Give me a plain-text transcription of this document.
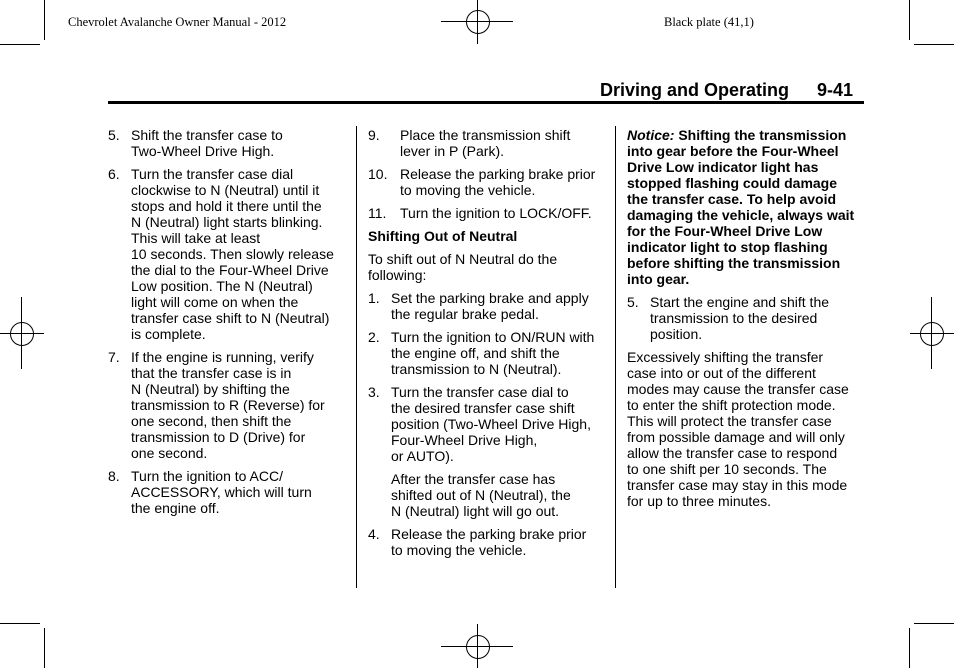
Chevrolet Avalanche Owner Manual - 2012	Black plate (41,1)
Driving and Operating 9-41
5. Shift the transfer case to
Two-Wheel Drive High.
6. Turn the transfer case dial
clockwise to N (Neutral) until it
stops and hold it there until the
N (Neutral) light starts blinking.
This will take at least
10 seconds. Then slowly release
the dial to the Four-Wheel Drive
Low position. The N (Neutral)
light will come on when the
transfer case shift to N (Neutral)
is complete.
7. If the engine is running, verify
that the transfer case is in
N (Neutral) by shifting the
transmission to R (Reverse) for
one second, then shift the
transmission to D (Drive) for
one second.
8. Turn the ignition to ACC/
ACCESSORY, which will turn
the engine off.
9. Place the transmission shift
lever in P (Park).
10. Release the parking brake prior
to moving the vehicle.
11. Turn the ignition to LOCK/OFF.
Shifting Out of Neutral

To shift out of N Neutral do the
following:

1. Set the parking brake and apply
the regular brake pedal.
2. Turn the ignition to ON/RUN with
the engine off, and shift the
transmission to N (Neutral).
3. Turn the transfer case dial to
the desired transfer case shift
position (Two-Wheel Drive High,
Four-Wheel Drive High,
or AUTO).

After the transfer case has
shifted out of N (Neutral), the
N (Neutral) light will go out.

4. Release the parking brake prior
to moving the vehicle.

Notice: Shifting the transmission
into gear before the Four-Wheel
Drive Low indicator light has
stopped flashing could damage
the transfer case. To help avoid
damaging the vehicle, always wait
for the Four-Wheel Drive Low
indicator light to stop flashing
before shifting the transmission
into gear.

5. Start the engine and shift the
transmission to the desired
position.

Excessively shifting the transfer
case into or out of the different
modes may cause the transfer case
to enter the shift protection mode.
This will protect the transfer case
from possible damage and will only
allow the transfer case to respond
to one shift per 10 seconds. The
transfer case may stay in this mode
for up to three minutes.
